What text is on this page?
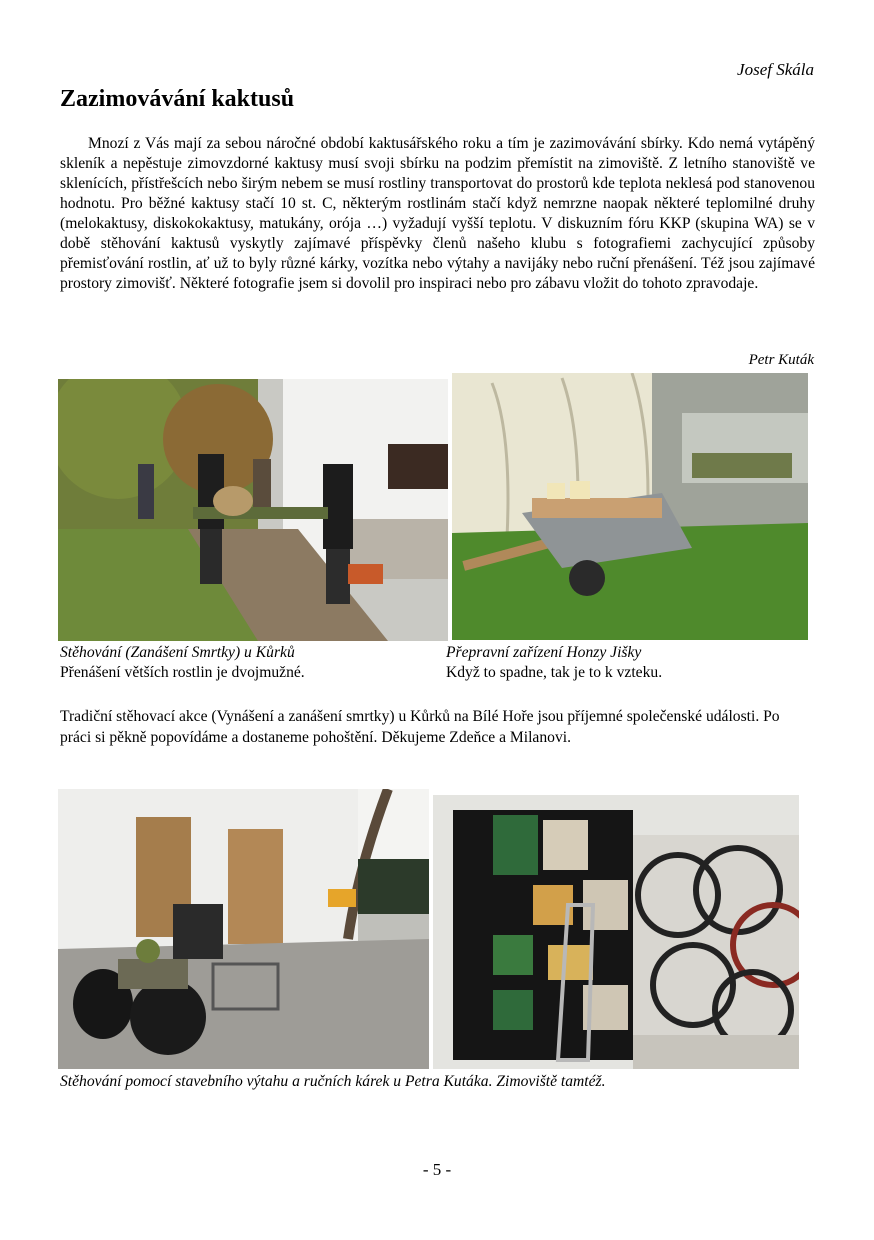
Josef Skála
Zazimovávání kaktusů

Mnozí z Vás mají za sebou náročné období kaktusářského roku a tím je zazimovávání sbírky. Kdo nemá vytápěný skleník a nepěstuje zimovzdorné kaktusy musí svoji sbírku na podzim přemístit na zimoviště. Z letního stanoviště ve sklenících, přístřešcích nebo širým nebem se musí rostliny transportovat do prostorů kde teplota neklesá pod stanovenou hodnotu. Pro běžné kaktusy stačí 10 st. C, některým rostlinám stačí když nemrzne naopak některé teplomilné druhy (melokaktusy, diskokokaktusy, matukány, orója …) vyžadují vyšší teplotu. V diskuzním fóru KKP (skupina WA) se v době stěhování kaktusů vyskytly zajímavé příspěvky členů našeho klubu s fotografiemi zachycující způsoby přemisťování rostlin, ať už to byly různé kárky, vozítka nebo výtahy a navijáky nebo ruční přenášení. Též jsou zajímavé prostory zimovišť. Některé fotografie jsem si dovolil pro inspiraci nebo pro zábavu vložit do tohoto zpravodaje.

Petr Kuták
Stěhování (Zanášení Smrtky) u Kůrků
Přenášení větších rostlin je dvojmužné.
Přepravní zařízení Honzy Jišky
Když to spadne, tak je to k vzteku.

Tradiční stěhovací akce (Vynášení a zanášení smrtky) u Kůrků na Bílé Hoře jsou příjemné společenské události. Po práci si pěkně popovídáme a dostaneme pohoštění. Děkujeme Zdeňce a Milanovi.

Stěhování pomocí stavebního výtahu a ručních kárek u Petra Kutáka. Zimoviště tamtéž.
- 5 -
